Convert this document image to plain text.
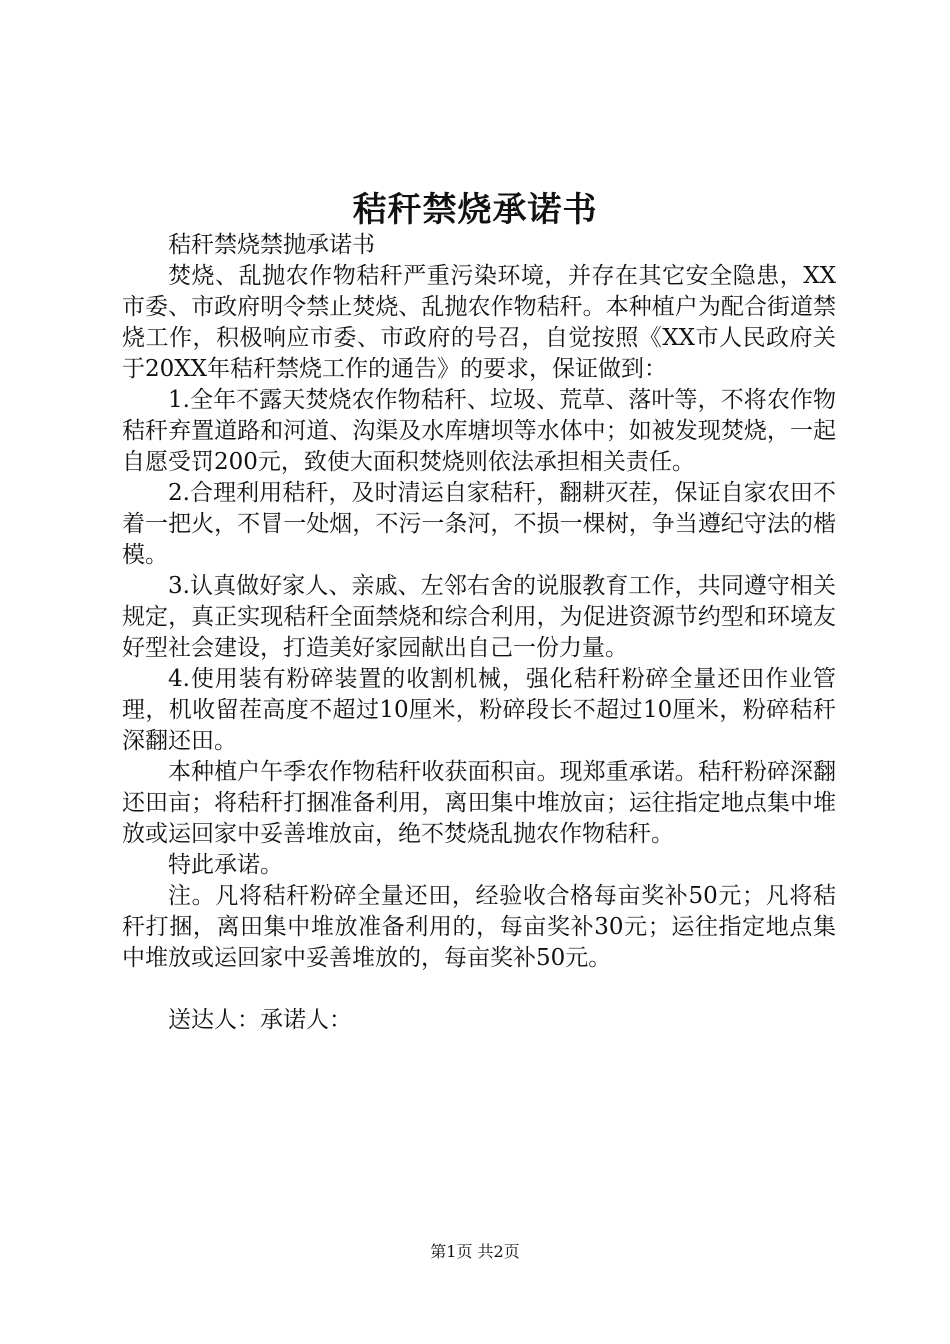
秸秆禁烧承诺书

秸秆禁烧禁抛承诺书

焚烧、乱抛农作物秸秆严重污染环境，并存在其它安全隐患，XX市委、市政府明令禁止焚烧、乱抛农作物秸秆。本种植户为配合街道禁烧工作，积极响应市委、市政府的号召，自觉按照《XX市人民政府关于20XX年秸秆禁烧工作的通告》的要求，保证做到：

1.全年不露天焚烧农作物秸秆、垃圾、荒草、落叶等，不将农作物秸秆弃置道路和河道、沟渠及水库塘坝等水体中；如被发现焚烧，一起自愿受罚200元，致使大面积焚烧则依法承担相关责任。

2.合理利用秸秆，及时清运自家秸秆，翻耕灭茬，保证自家农田不着一把火，不冒一处烟，不污一条河，不损一棵树，争当遵纪守法的楷模。

3.认真做好家人、亲戚、左邻右舍的说服教育工作，共同遵守相关规定，真正实现秸秆全面禁烧和综合利用，为促进资源节约型和环境友好型社会建设，打造美好家园献出自己一份力量。

4.使用装有粉碎装置的收割机械，强化秸秆粉碎全量还田作业管理，机收留茬高度不超过10厘米，粉碎段长不超过10厘米，粉碎秸秆深翻还田。

本种植户午季农作物秸秆收获面积亩。现郑重承诺。秸秆粉碎深翻还田亩；将秸秆打捆准备利用，离田集中堆放亩；运往指定地点集中堆放或运回家中妥善堆放亩，绝不焚烧乱抛农作物秸秆。

特此承诺。

注。凡将秸秆粉碎全量还田，经验收合格每亩奖补50元；凡将秸秆打捆，离田集中堆放准备利用的，每亩奖补30元；运往指定地点集中堆放或运回家中妥善堆放的，每亩奖补50元。

送达人：承诺人：

第1页 共2页
